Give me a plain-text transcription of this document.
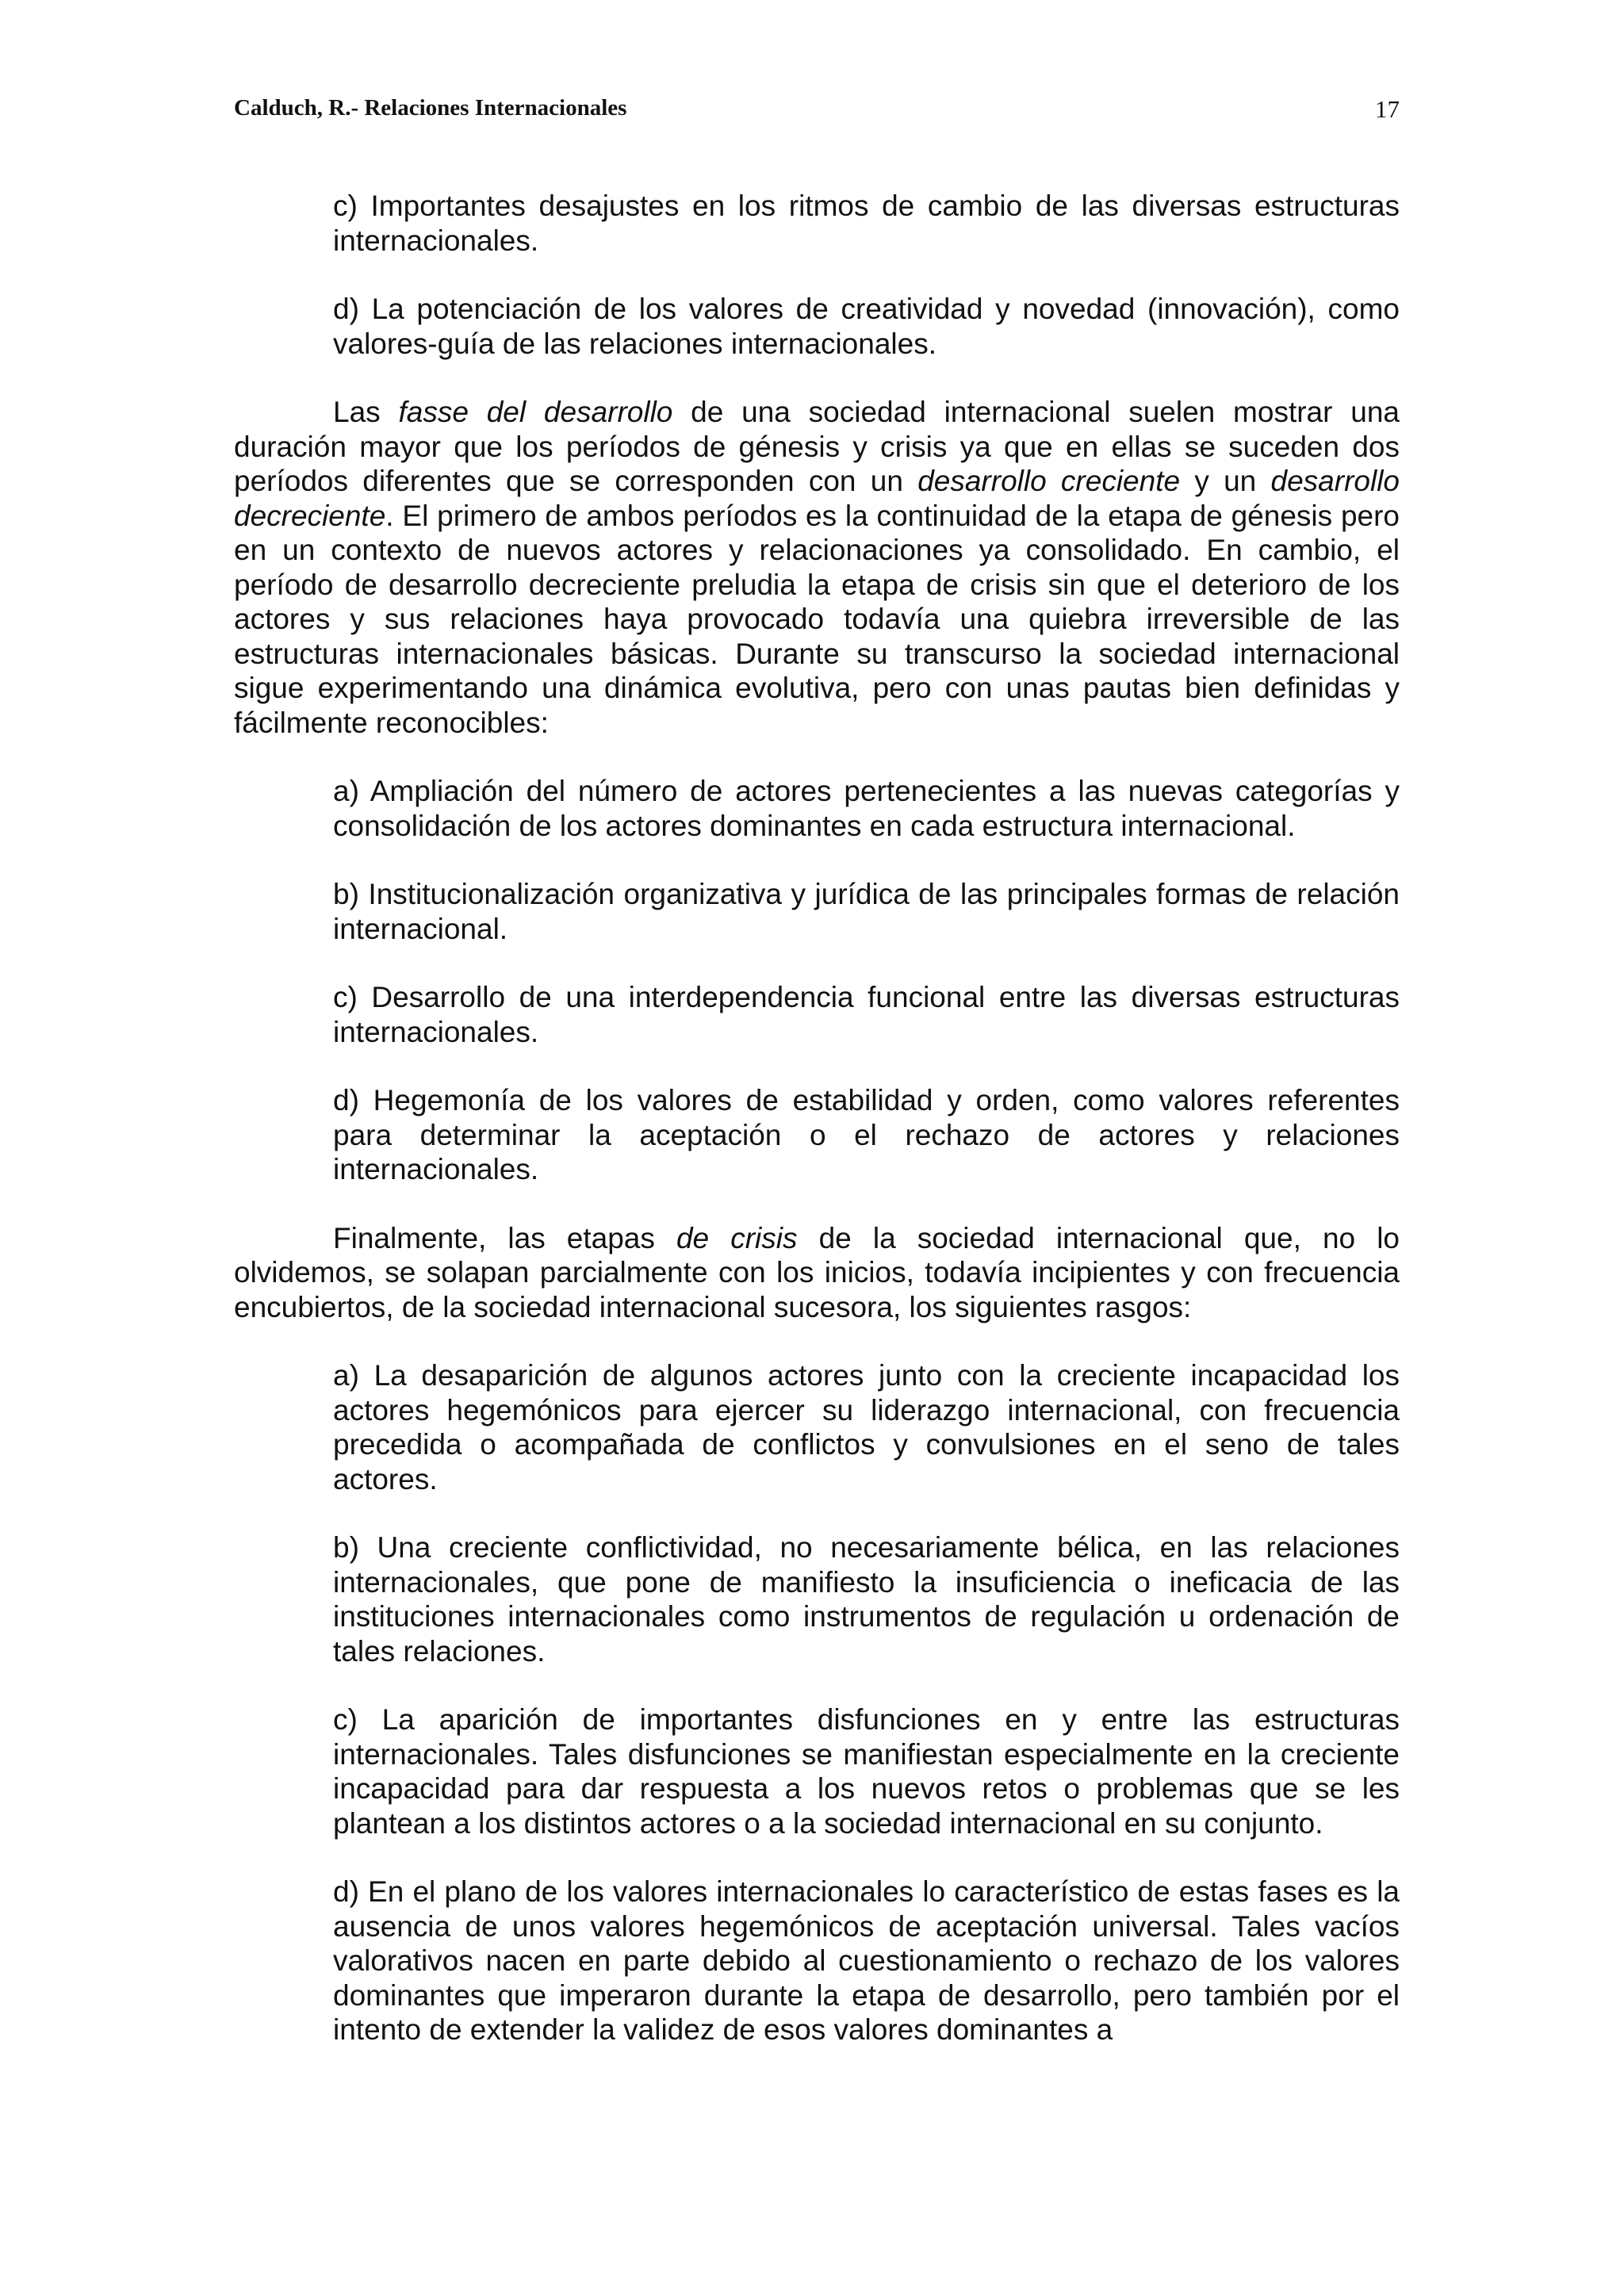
Calduch, R.- Relaciones Internacionales	17

c) Importantes desajustes en los ritmos de cambio de las diversas estructuras internacionales.

d) La potenciación de los valores de creatividad y novedad (innovación), como valores-guía de las relaciones internacionales.

Las fasse del desarrollo de una sociedad internacional suelen mostrar una duración mayor que los períodos de génesis y crisis ya que en ellas se suceden dos períodos diferentes que se corresponden con un desarrollo creciente y un desarrollo decreciente. El primero de ambos períodos es la continuidad de la etapa de génesis pero en un contexto de nuevos actores y relacionaciones ya consolidado. En cambio, el período de desarrollo decreciente preludia la etapa de crisis sin que el deterioro de los actores y sus relaciones haya provocado todavía una quiebra irreversible de las estructuras internacionales básicas. Durante su transcurso la sociedad internacional sigue experimentando una dinámica evolutiva, pero con unas pautas bien definidas y fácilmente reconocibles:

a) Ampliación del número de actores pertenecientes a las nuevas categorías y consolidación de los actores dominantes en cada estructura internacional.

b) Institucionalización organizativa y jurídica de las principales formas de relación internacional.

c) Desarrollo de una interdependencia funcional entre las diversas estructuras internacionales.

d) Hegemonía de los valores de estabilidad y orden, como valores referentes para determinar la aceptación o el rechazo de actores y relaciones internacionales.

Finalmente, las etapas de crisis de la sociedad internacional que, no lo olvidemos, se solapan parcialmente con los inicios, todavía incipientes y con frecuencia encubiertos, de la sociedad internacional sucesora, los siguientes rasgos:

a) La desaparición de algunos actores junto con la creciente incapacidad los actores hegemónicos para ejercer su liderazgo internacional, con frecuencia precedida o acompañada de conflictos y convulsiones en el seno de tales actores.

b) Una creciente conflictividad, no necesariamente bélica, en las relaciones internacionales, que pone de manifiesto la insuficiencia o ineficacia de las instituciones internacionales como instrumentos de regulación u ordenación de tales relaciones.

c) La aparición de importantes disfunciones en y entre las estructuras internacionales. Tales disfunciones se manifiestan especialmente en la creciente incapacidad para dar respuesta a los nuevos retos o problemas que se les plantean a los distintos actores o a la sociedad internacional en su conjunto.

d) En el plano de los valores internacionales lo característico de estas fases es la ausencia de unos valores hegemónicos de aceptación universal. Tales vacíos valorativos nacen en parte debido al cuestionamiento o rechazo de los valores dominantes que imperaron durante la etapa de desarrollo, pero también por el intento de extender la validez de esos valores dominantes a
